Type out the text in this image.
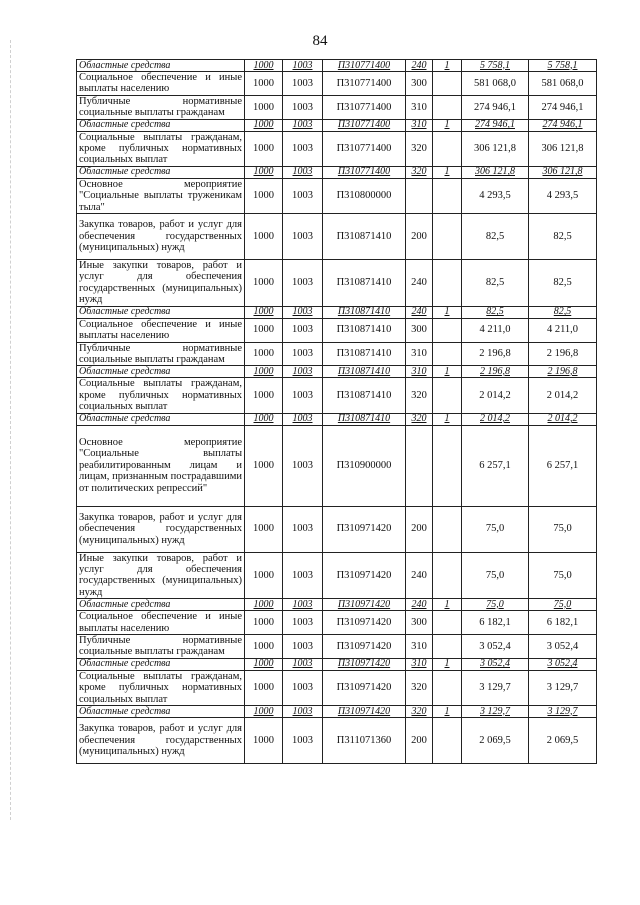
84
Областные средства	1000	1003	П310771400	240	1	5 758,1	5 758,1
Социальное обеспечение и иные выплаты населению	1000	1003	П310771400	300		581 068,0	581 068,0
Публичные нормативные социальные выплаты гражданам	1000	1003	П310771400	310		274 946,1	274 946,1
Областные средства	1000	1003	П310771400	310	1	274 946,1	274 946,1
Социальные выплаты гражданам, кроме публичных нормативных социальных выплат	1000	1003	П310771400	320		306 121,8	306 121,8
Областные средства	1000	1003	П310771400	320	1	306 121,8	306 121,8
Основное мероприятие "Социальные выплаты труженикам тыла"	1000	1003	П310800000			4 293,5	4 293,5
Закупка товаров, работ и услуг для обеспечения государственных (муниципальных) нужд	1000	1003	П310871410	200		82,5	82,5
Иные закупки товаров, работ и услуг для обеспечения государственных (муниципальных) нужд	1000	1003	П310871410	240		82,5	82,5
Областные средства	1000	1003	П310871410	240	1	82,5	82,5
Социальное обеспечение и иные выплаты населению	1000	1003	П310871410	300		4 211,0	4 211,0
Публичные нормативные социальные выплаты гражданам	1000	1003	П310871410	310		2 196,8	2 196,8
Областные средства	1000	1003	П310871410	310	1	2 196,8	2 196,8
Социальные выплаты гражданам, кроме публичных нормативных социальных выплат	1000	1003	П310871410	320		2 014,2	2 014,2
Областные средства	1000	1003	П310871410	320	1	2 014,2	2 014,2
Основное мероприятие "Социальные выплаты реабилитированным лицам и лицам, признанным пострадавшими от политических репрессий"	1000	1003	П310900000			6 257,1	6 257,1
Закупка товаров, работ и услуг для обеспечения государственных (муниципальных) нужд	1000	1003	П310971420	200		75,0	75,0
Иные закупки товаров, работ и услуг для обеспечения государственных (муниципальных) нужд	1000	1003	П310971420	240		75,0	75,0
Областные средства	1000	1003	П310971420	240	1	75,0	75,0
Социальное обеспечение и иные выплаты населению	1000	1003	П310971420	300		6 182,1	6 182,1
Публичные нормативные социальные выплаты гражданам	1000	1003	П310971420	310		3 052,4	3 052,4
Областные средства	1000	1003	П310971420	310	1	3 052,4	3 052,4
Социальные выплаты гражданам, кроме публичных нормативных социальных выплат	1000	1003	П310971420	320		3 129,7	3 129,7
Областные средства	1000	1003	П310971420	320	1	3 129,7	3 129,7
Закупка товаров, работ и услуг для обеспечения государственных (муниципальных) нужд	1000	1003	П311071360	200		2 069,5	2 069,5
